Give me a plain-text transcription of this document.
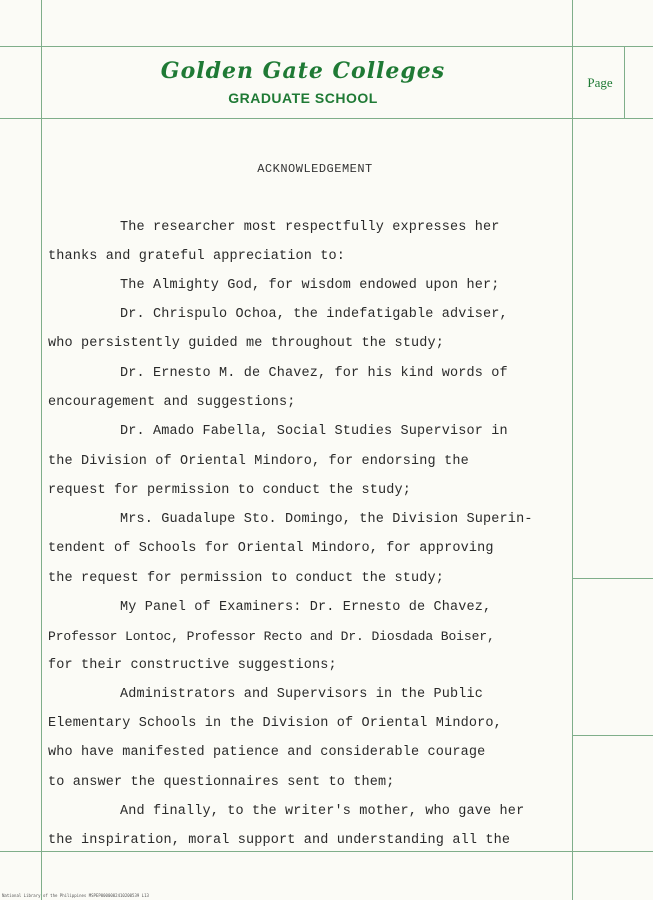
Golden Gate Colleges
GRADUATE SCHOOL
Page
ACKNOWLEDGEMENT
The researcher most respectfully expresses her
thanks and grateful appreciation to:
The Almighty God, for wisdom endowed upon her;
Dr. Chrispulo Ochoa, the indefatigable adviser,
who persistently guided me throughout the study;
Dr. Ernesto M. de Chavez, for his kind words of
encouragement and suggestions;
Dr. Amado Fabella, Social Studies Supervisor in
the Division of Oriental Mindoro, for endorsing the
request for permission to conduct the study;
Mrs. Guadalupe Sto. Domingo, the Division Superin-
tendent of Schools for Oriental Mindoro, for approving
the request for permission to conduct the study;
My Panel of Examiners: Dr. Ernesto de Chavez,
Professor Lontoc, Professor Recto and Dr. Diosdada Boiser,
for their constructive suggestions;
Administrators and Supervisors in the Public
Elementary Schools in the Division of Oriental Mindoro,
who have manifested patience and considerable courage
to answer the questionnaires sent to them;
And finally, to the writer's mother, who gave her
the inspiration, moral support and understanding all the
National Library of the Philippines MSPEP0000002410200539 L13
